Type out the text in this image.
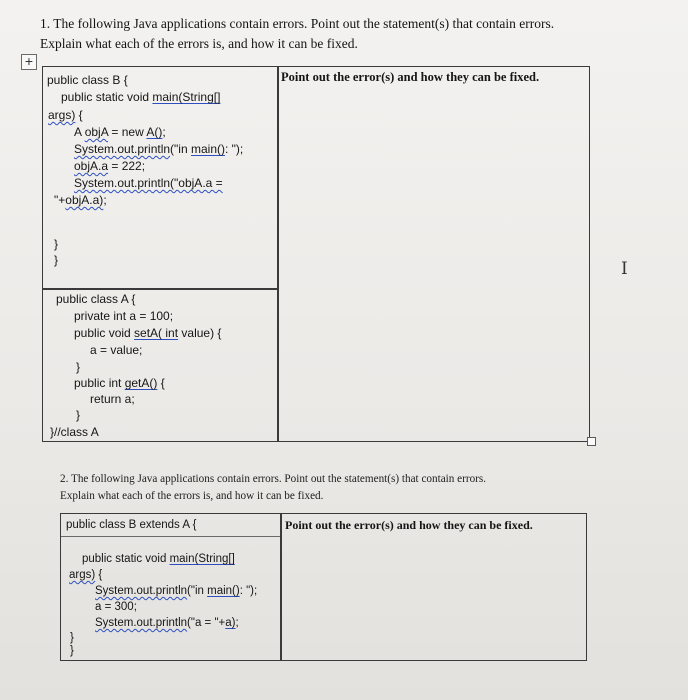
1. The following Java applications contain errors. Point out the statement(s) that contain errors.
Explain what each of the errors is, and how it can be fixed.
+
Point out the error(s) and how they can be fixed.
public class B {
public static void main(String[]
args) {
A objA = new A();
System.out.println("in main(): ");
objA.a = 222;
System.out.println("objA.a =
"+objA.a);
}
}
public class A {
private int a = 100;
public void setA( int value) {
a = value;
}
public int getA() {
return a;
}
}//class A
I
2. The following Java applications contain errors. Point out the statement(s) that contain errors.
Explain what each of the errors is, and how it can be fixed.
public class B extends A {	Point out the error(s) and how they can be fixed.
public static void main(String[]
args) {
System.out.println("in main(): ");
a = 300;
System.out.println("a = "+a);
}
}
